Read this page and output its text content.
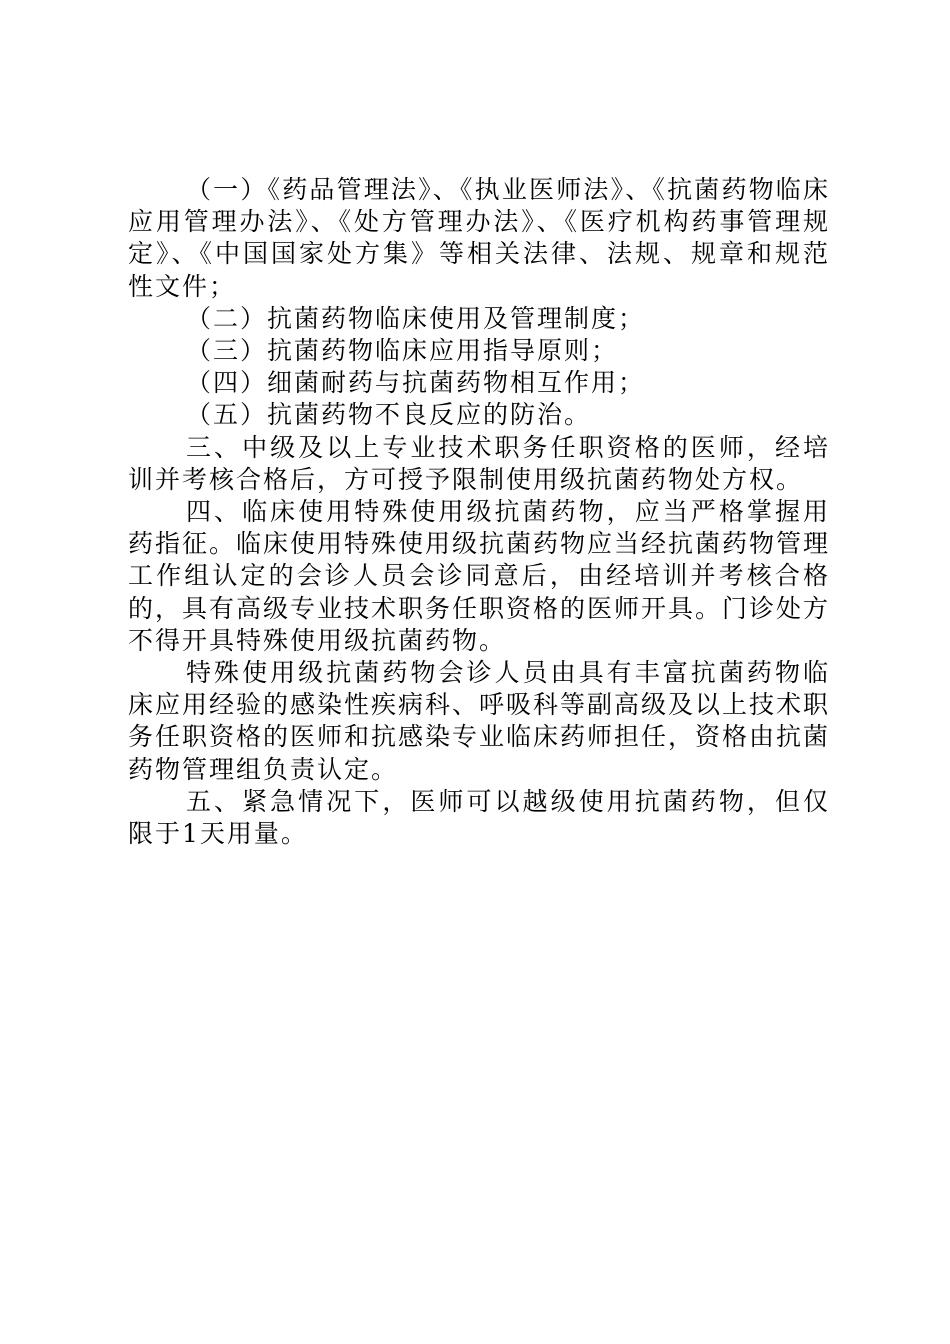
（一）《药品管理法》、《执业医师法》、《抗菌药物临床应用管理办法》、《处方管理办法》、《医疗机构药事管理规定》、《中国国家处方集》等相关法律、法规、规章和规范性文件；

（二）抗菌药物临床使用及管理制度；

（三）抗菌药物临床应用指导原则；

（四）细菌耐药与抗菌药物相互作用；

（五）抗菌药物不良反应的防治。

三、中级及以上专业技术职务任职资格的医师，经培训并考核合格后，方可授予限制使用级抗菌药物处方权。

四、临床使用特殊使用级抗菌药物，应当严格掌握用药指征。临床使用特殊使用级抗菌药物应当经抗菌药物管理工作组认定的会诊人员会诊同意后，由经培训并考核合格的，具有高级专业技术职务任职资格的医师开具。门诊处方不得开具特殊使用级抗菌药物。

特殊使用级抗菌药物会诊人员由具有丰富抗菌药物临床应用经验的感染性疾病科、呼吸科等副高级及以上技术职务任职资格的医师和抗感染专业临床药师担任，资格由抗菌药物管理组负责认定。

五、紧急情况下，医师可以越级使用抗菌药物，但仅限于1天用量。
